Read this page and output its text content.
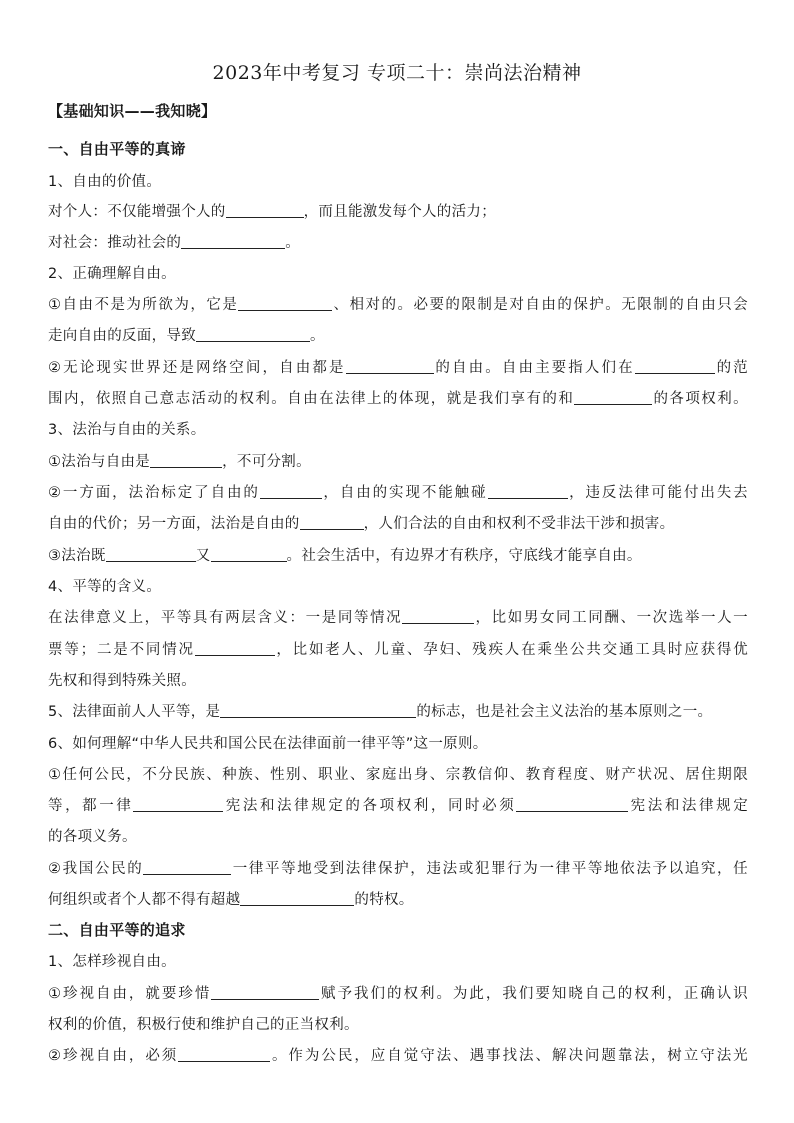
2023年中考复习 专项二十：崇尚法治精神
【基础知识——我知晓】
一、自由平等的真谛
1、自由的价值。
对个人：不仅能增强个人的	，而且能激发每个人的活力；
对社会：推动社会的	。
2、正确理解自由。
①自由不是为所欲为，它是	、相对的。必要的限制是对自由的保护。无限制的自由只会
走向自由的反面，导致	。
②无论现实世界还是网络空间，自由都是	的自由。自由主要指人们在	的范
围内，依照自己意志活动的权利。自由在法律上的体现，就是我们享有的和	的各项权利。
3、法治与自由的关系。
①法治与自由是	，不可分割。
②一方面，法治标定了自由的	，自由的实现不能触碰	，违反法律可能付出失去
自由的代价；另一方面，法治是自由的	，人们合法的自由和权利不受非法干涉和损害。
③法治既	又	。社会生活中，有边界才有秩序，守底线才能享自由。
4、平等的含义。
在法律意义上，平等具有两层含义：一是同等情况	，比如男女同工同酬、一次选举一人一
票等；二是不同情况	，比如老人、儿童、孕妇、残疾人在乘坐公共交通工具时应获得优
先权和得到特殊关照。
5、法律面前人人平等，是	的标志，也是社会主义法治的基本原则之一。
6、如何理解“中华人民共和国公民在法律面前一律平等”这一原则。
①任何公民，不分民族、种族、性别、职业、家庭出身、宗教信仰、教育程度、财产状况、居住期限
等，都一律	宪法和法律规定的各项权利，同时必须	宪法和法律规定
的各项义务。
②我国公民的	一律平等地受到法律保护，违法或犯罪行为一律平等地依法予以追究，任
何组织或者个人都不得有超越	的特权。
二、自由平等的追求
1、怎样珍视自由。
①珍视自由，就要珍惜	赋予我们的权利。为此，我们要知晓自己的权利，正确认识
权利的价值，积极行使和维护自己的正当权利。
②珍视自由，必须	。作为公民，应自觉守法、遇事找法、解决问题靠法，树立守法光
